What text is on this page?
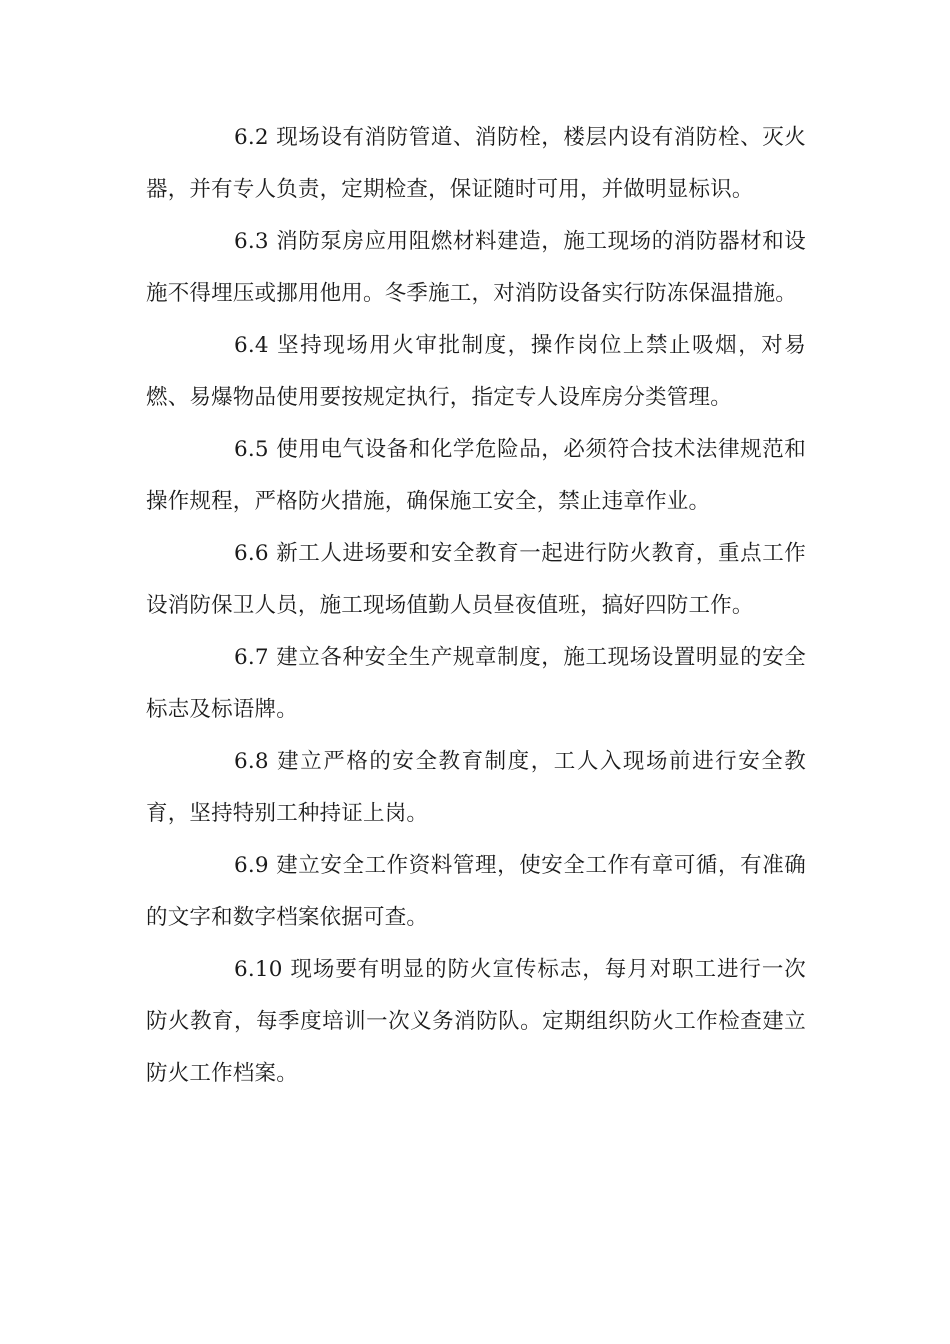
6.2 现场设有消防管道、消防栓，楼层内设有消防栓、灭火器，并有专人负责，定期检查，保证随时可用，并做明显标识。

6.3 消防泵房应用阻燃材料建造，施工现场的消防器材和设施不得埋压或挪用他用。冬季施工，对消防设备实行防冻保温措施。

6.4 坚持现场用火审批制度，操作岗位上禁止吸烟，对易燃、易爆物品使用要按规定执行，指定专人设库房分类管理。

6.5 使用电气设备和化学危险品，必须符合技术法律规范和操作规程，严格防火措施，确保施工安全，禁止违章作业。

6.6 新工人进场要和安全教育一起进行防火教育，重点工作设消防保卫人员，施工现场值勤人员昼夜值班，搞好四防工作。

6.7 建立各种安全生产规章制度，施工现场设置明显的安全标志及标语牌。

6.8 建立严格的安全教育制度，工人入现场前进行安全教育，坚持特别工种持证上岗。

6.9 建立安全工作资料管理，使安全工作有章可循，有准确的文字和数字档案依据可查。

6.10 现场要有明显的防火宣传标志，每月对职工进行一次防火教育，每季度培训一次义务消防队。定期组织防火工作检查建立防火工作档案。
